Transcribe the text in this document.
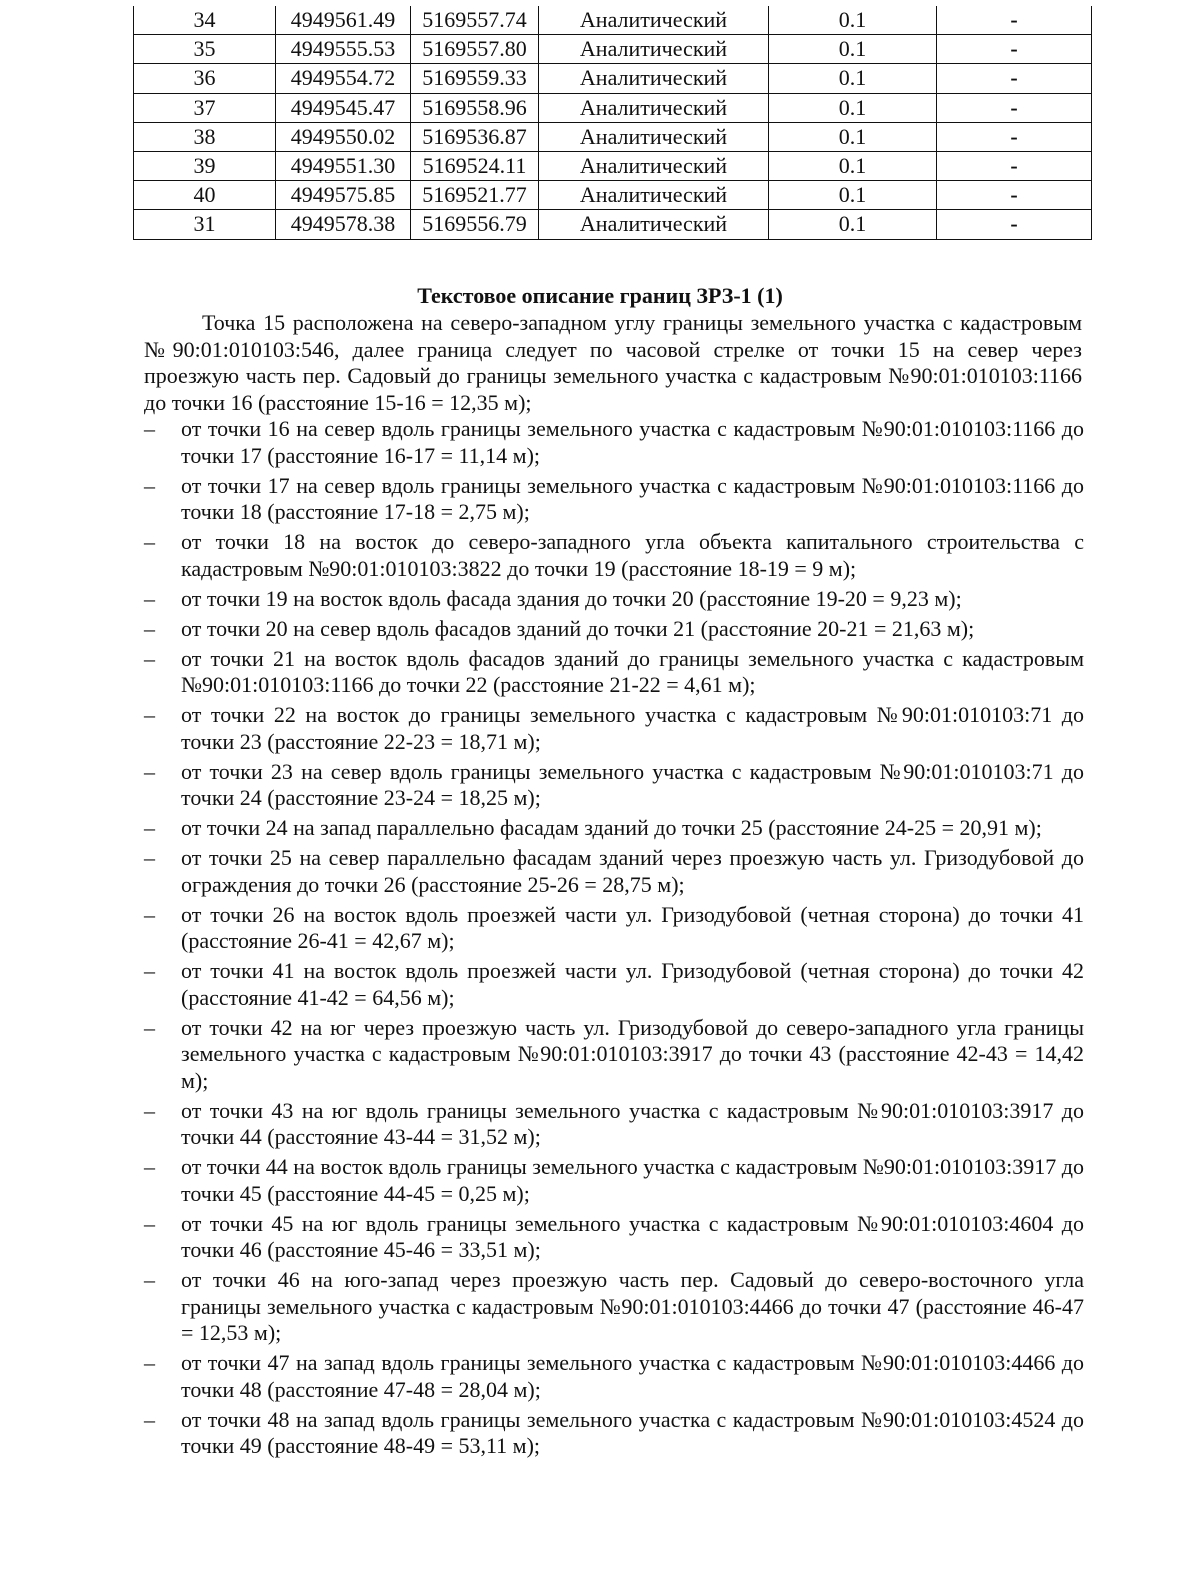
34	4949561.49	5169557.74	Аналитический	0.1	-
35	4949555.53	5169557.80	Аналитический	0.1	-
36	4949554.72	5169559.33	Аналитический	0.1	-
37	4949545.47	5169558.96	Аналитический	0.1	-
38	4949550.02	5169536.87	Аналитический	0.1	-
39	4949551.30	5169524.11	Аналитический	0.1	-
40	4949575.85	5169521.77	Аналитический	0.1	-
31	4949578.38	5169556.79	Аналитический	0.1	-
Текстовое описание границ ЗРЗ-1 (1)

Точка 15 расположена на северо-западном углу границы земельного участка с кадастровым №90:01:010103:546, далее граница следует по часовой стрелке от точки 15 на север через проезжую часть пер. Садовый до границы земельного участка с кадастровым №90:01:010103:1166 до точки 16 (расстояние 15-16 = 12,35 м);

–	от точки 16 на север вдоль границы земельного участка с кадастровым №90:01:010103:1166 до точки 17 (расстояние 16-17 = 11,14 м);
–	от точки 17 на север вдоль границы земельного участка с кадастровым №90:01:010103:1166 до точки 18 (расстояние 17-18 = 2,75 м);
–	от точки 18 на восток до северо-западного угла объекта капитального строительства с кадастровым №90:01:010103:3822 до точки 19 (расстояние 18-19 = 9 м);
–	от точки 19 на восток вдоль фасада здания до точки 20 (расстояние 19-20 = 9,23 м);
–	от точки 20 на север вдоль фасадов зданий до точки 21 (расстояние 20-21 = 21,63 м);
–	от точки 21 на восток вдоль фасадов зданий до границы земельного участка с кадастровым №90:01:010103:1166 до точки 22 (расстояние 21-22 = 4,61 м);
–	от точки 22 на восток до границы земельного участка с кадастровым №90:01:010103:71 до точки 23 (расстояние 22-23 = 18,71 м);
–	от точки 23 на север вдоль границы земельного участка с кадастровым №90:01:010103:71 до точки 24 (расстояние 23-24 = 18,25 м);
–	от точки 24 на запад параллельно фасадам зданий до точки 25 (расстояние 24-25 = 20,91 м);
–	от точки 25 на север параллельно фасадам зданий через проезжую часть ул. Гризодубовой до ограждения до точки 26 (расстояние 25-26 = 28,75 м);
–	от точки 26 на восток вдоль проезжей части ул. Гризодубовой (четная сторона) до точки 41 (расстояние 26-41 = 42,67 м);
–	от точки 41 на восток вдоль проезжей части ул. Гризодубовой (четная сторона) до точки 42 (расстояние 41-42 = 64,56 м);
–	от точки 42 на юг через проезжую часть ул. Гризодубовой до северо-западного угла границы земельного участка с кадастровым №90:01:010103:3917 до точки 43 (расстояние 42-43 = 14,42 м);
–	от точки 43 на юг вдоль границы земельного участка с кадастровым №90:01:010103:3917 до точки 44 (расстояние 43-44 = 31,52 м);
–	от точки 44 на восток вдоль границы земельного участка с кадастровым №90:01:010103:3917 до точки 45 (расстояние 44-45 = 0,25 м);
–	от точки 45 на юг вдоль границы земельного участка с кадастровым №90:01:010103:4604 до точки 46 (расстояние 45-46 = 33,51 м);
–	от точки 46 на юго-запад через проезжую часть пер. Садовый до северо-восточного угла границы земельного участка с кадастровым №90:01:010103:4466 до точки 47 (расстояние 46-47 = 12,53 м);
–	от точки 47 на запад вдоль границы земельного участка с кадастровым №90:01:010103:4466 до точки 48 (расстояние 47-48 = 28,04 м);
–	от точки 48 на запад вдоль границы земельного участка с кадастровым №90:01:010103:4524 до точки 49 (расстояние 48-49 = 53,11 м);
